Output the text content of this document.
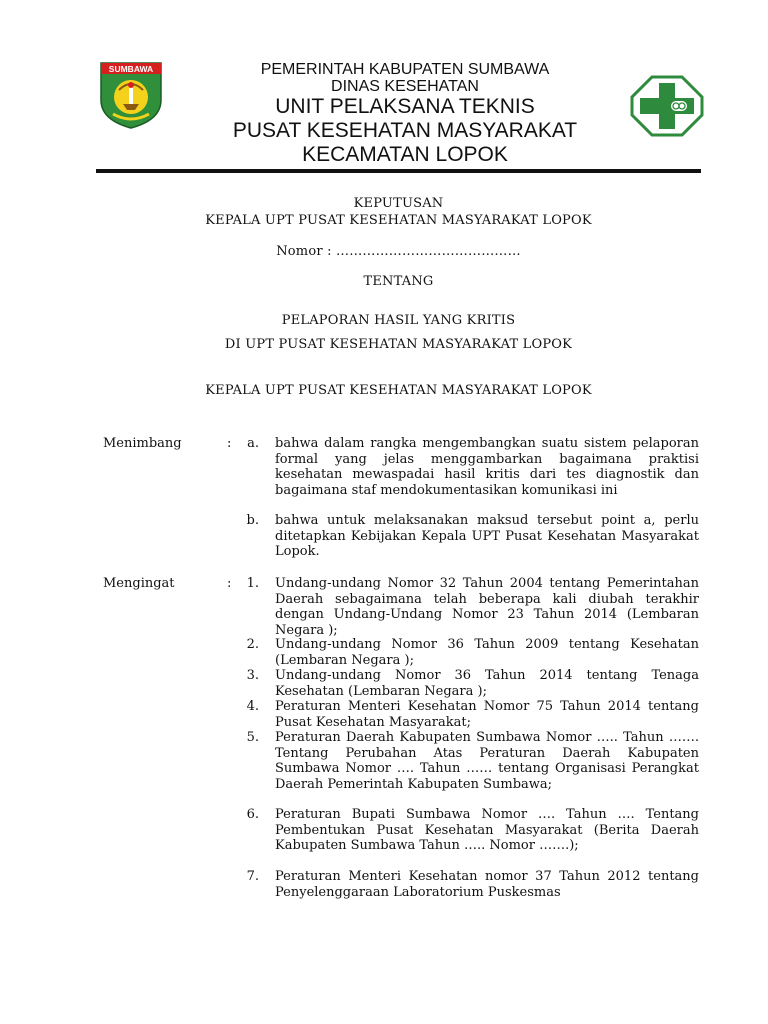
SUMBAWA	PEMERINTAH KABUPATEN SUMBAWA
DINAS KESEHATAN
UNIT PELAKSANA TEKNIS
PUSAT KESEHATAN MASYARAKAT
KECAMATAN LOPOK
KEPUTUSAN
KEPALA UPT PUSAT KESEHATAN MASYARAKAT LOPOK
Nomor : ……………………………………
TENTANG
PELAPORAN HASIL YANG KRITIS
DI UPT PUSAT KESEHATAN MASYARAKAT LOPOK
KEPALA UPT PUSAT KESEHATAN MASYARAKAT LOPOK
Menimbang	:	a. bahwa dalam rangka mengembangkan suatu sistem pelaporan formal yang jelas menggambarkan bagaimana praktisi kesehatan mewaspadai hasil kritis dari tes diagnostik dan bagaimana staf mendokumentasikan komunikasi ini
b. bahwa untuk melaksanakan maksud tersebut point a, perlu ditetapkan Kebijakan Kepala UPT Pusat Kesehatan Masyarakat Lopok.
Mengingat	:	1. Undang-undang Nomor 32 Tahun 2004 tentang Pemerintahan Daerah sebagaimana telah beberapa kali diubah terakhir dengan Undang-Undang Nomor 23 Tahun 2014 (Lembaran Negara );
2. Undang-undang Nomor 36 Tahun 2009 tentang Kesehatan (Lembaran Negara );
3. Undang-undang Nomor 36 Tahun 2014 tentang Tenaga Kesehatan (Lembaran Negara );
4. Peraturan Menteri Kesehatan Nomor 75 Tahun 2014 tentang Pusat Kesehatan Masyarakat;
5. Peraturan Daerah Kabupaten Sumbawa Nomor ….. Tahun ……. Tentang Perubahan Atas Peraturan Daerah Kabupaten Sumbawa Nomor …. Tahun …… tentang Organisasi Perangkat Daerah Pemerintah Kabupaten Sumbawa;
6. Peraturan Bupati Sumbawa Nomor …. Tahun …. Tentang Pembentukan Pusat Kesehatan Masyarakat (Berita Daerah Kabupaten Sumbawa Tahun ….. Nomor …….);
7. Peraturan Menteri Kesehatan nomor 37 Tahun 2012 tentang Penyelenggaraan Laboratorium Puskesmas
